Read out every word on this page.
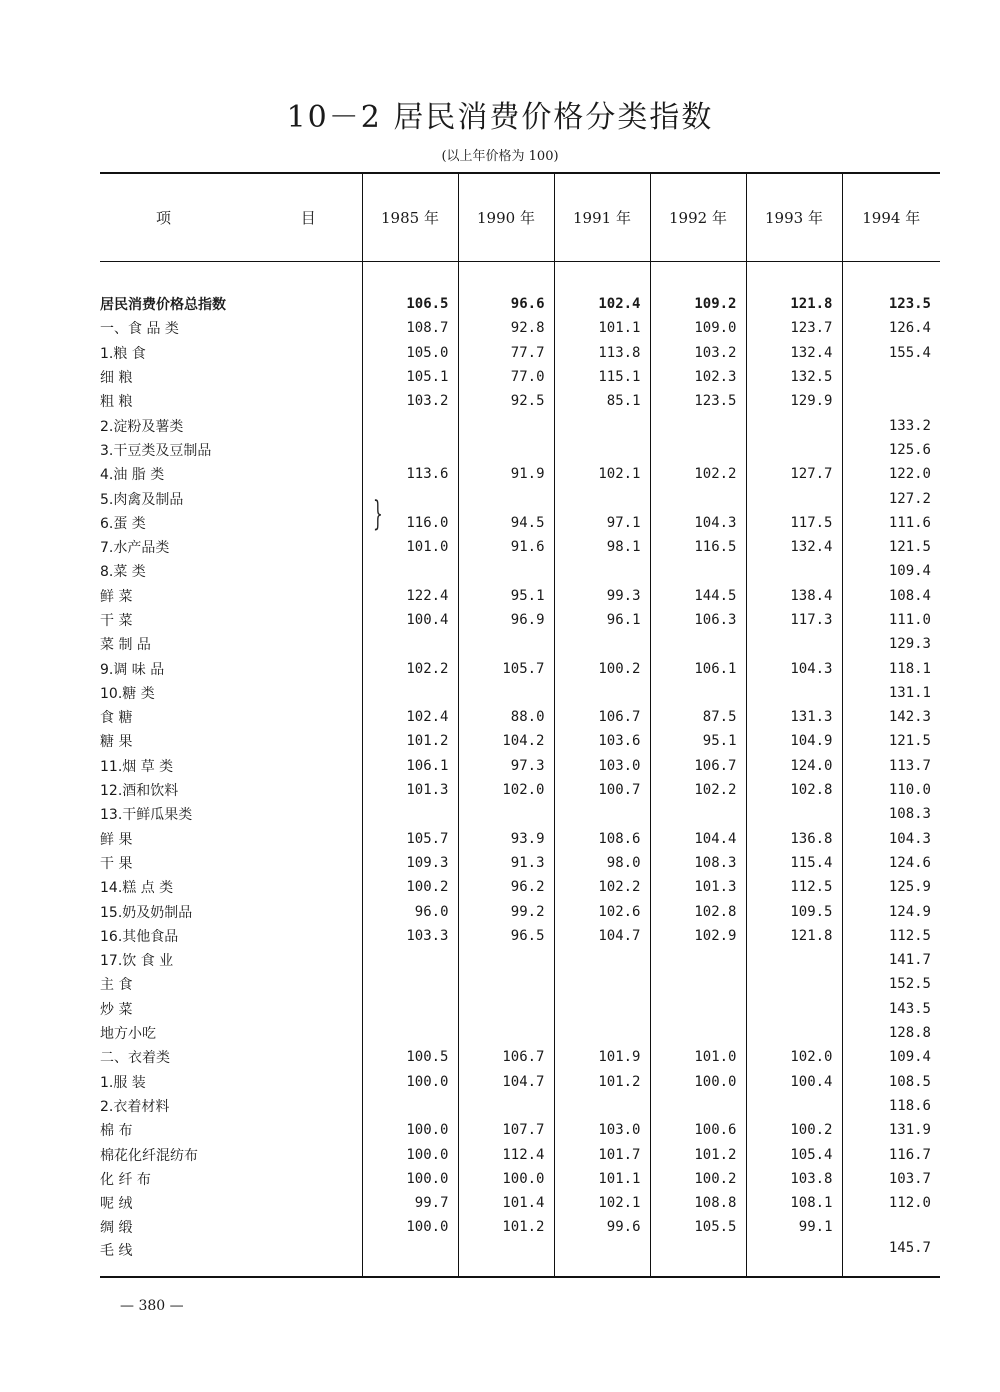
10－2 居民消费价格分类指数
(以上年价格为 100)
项 目	1985 年	1990 年	1991 年	1992 年	1993 年	1994 年

居民消费价格总指数	106.5	96.6	102.4	109.2	121.8	123.5
一、食 品 类	108.7	92.8	101.1	109.0	123.7	126.4
1.粮 食	105.0	77.7	113.8	103.2	132.4	155.4
细 粮	105.1	77.0	115.1	102.3	132.5	
粗 粮	103.2	92.5	85.1	123.5	129.9	
2.淀粉及薯类						133.2
3.干豆类及豆制品						125.6
4.油 脂 类	113.6	91.9	102.1	102.2	127.7	122.0
5.肉禽及制品						127.2
6.蛋 类	116.0	94.5	97.1	104.3	117.5	111.6
7.水产品类	101.0	91.6	98.1	116.5	132.4	121.5
8.菜 类						109.4
鲜 菜	122.4	95.1	99.3	144.5	138.4	108.4
干 菜	100.4	96.9	96.1	106.3	117.3	111.0
菜 制 品						129.3
9.调 味 品	102.2	105.7	100.2	106.1	104.3	118.1
10.糖 类						131.1
食 糖	102.4	88.0	106.7	87.5	131.3	142.3
糖 果	101.2	104.2	103.6	95.1	104.9	121.5
11.烟 草 类	106.1	97.3	103.0	106.7	124.0	113.7
12.酒和饮料	101.3	102.0	100.7	102.2	102.8	110.0
13.干鲜瓜果类						108.3
鲜 果	105.7	93.9	108.6	104.4	136.8	104.3
干 果	109.3	91.3	98.0	108.3	115.4	124.6
14.糕 点 类	100.2	96.2	102.2	101.3	112.5	125.9
15.奶及奶制品	96.0	99.2	102.6	102.8	109.5	124.9
16.其他食品	103.3	96.5	104.7	102.9	121.8	112.5
17.饮 食 业						141.7
主 食						152.5
炒 菜						143.5
地方小吃						128.8
二、衣着类	100.5	106.7	101.9	101.0	102.0	109.4
1.服 装	100.0	104.7	101.2	100.0	100.4	108.5
2.衣着材料						118.6
棉 布	100.0	107.7	103.0	100.6	100.2	131.9
棉花化纤混纺布	100.0	112.4	101.7	101.2	105.4	116.7
化 纤 布	100.0	100.0	101.1	100.2	103.8	103.7
呢 绒	99.7	101.4	102.1	108.8	108.1	112.0
绸 缎	100.0	101.2	99.6	105.5	99.1	
毛 线						145.7
}
— 380 —
